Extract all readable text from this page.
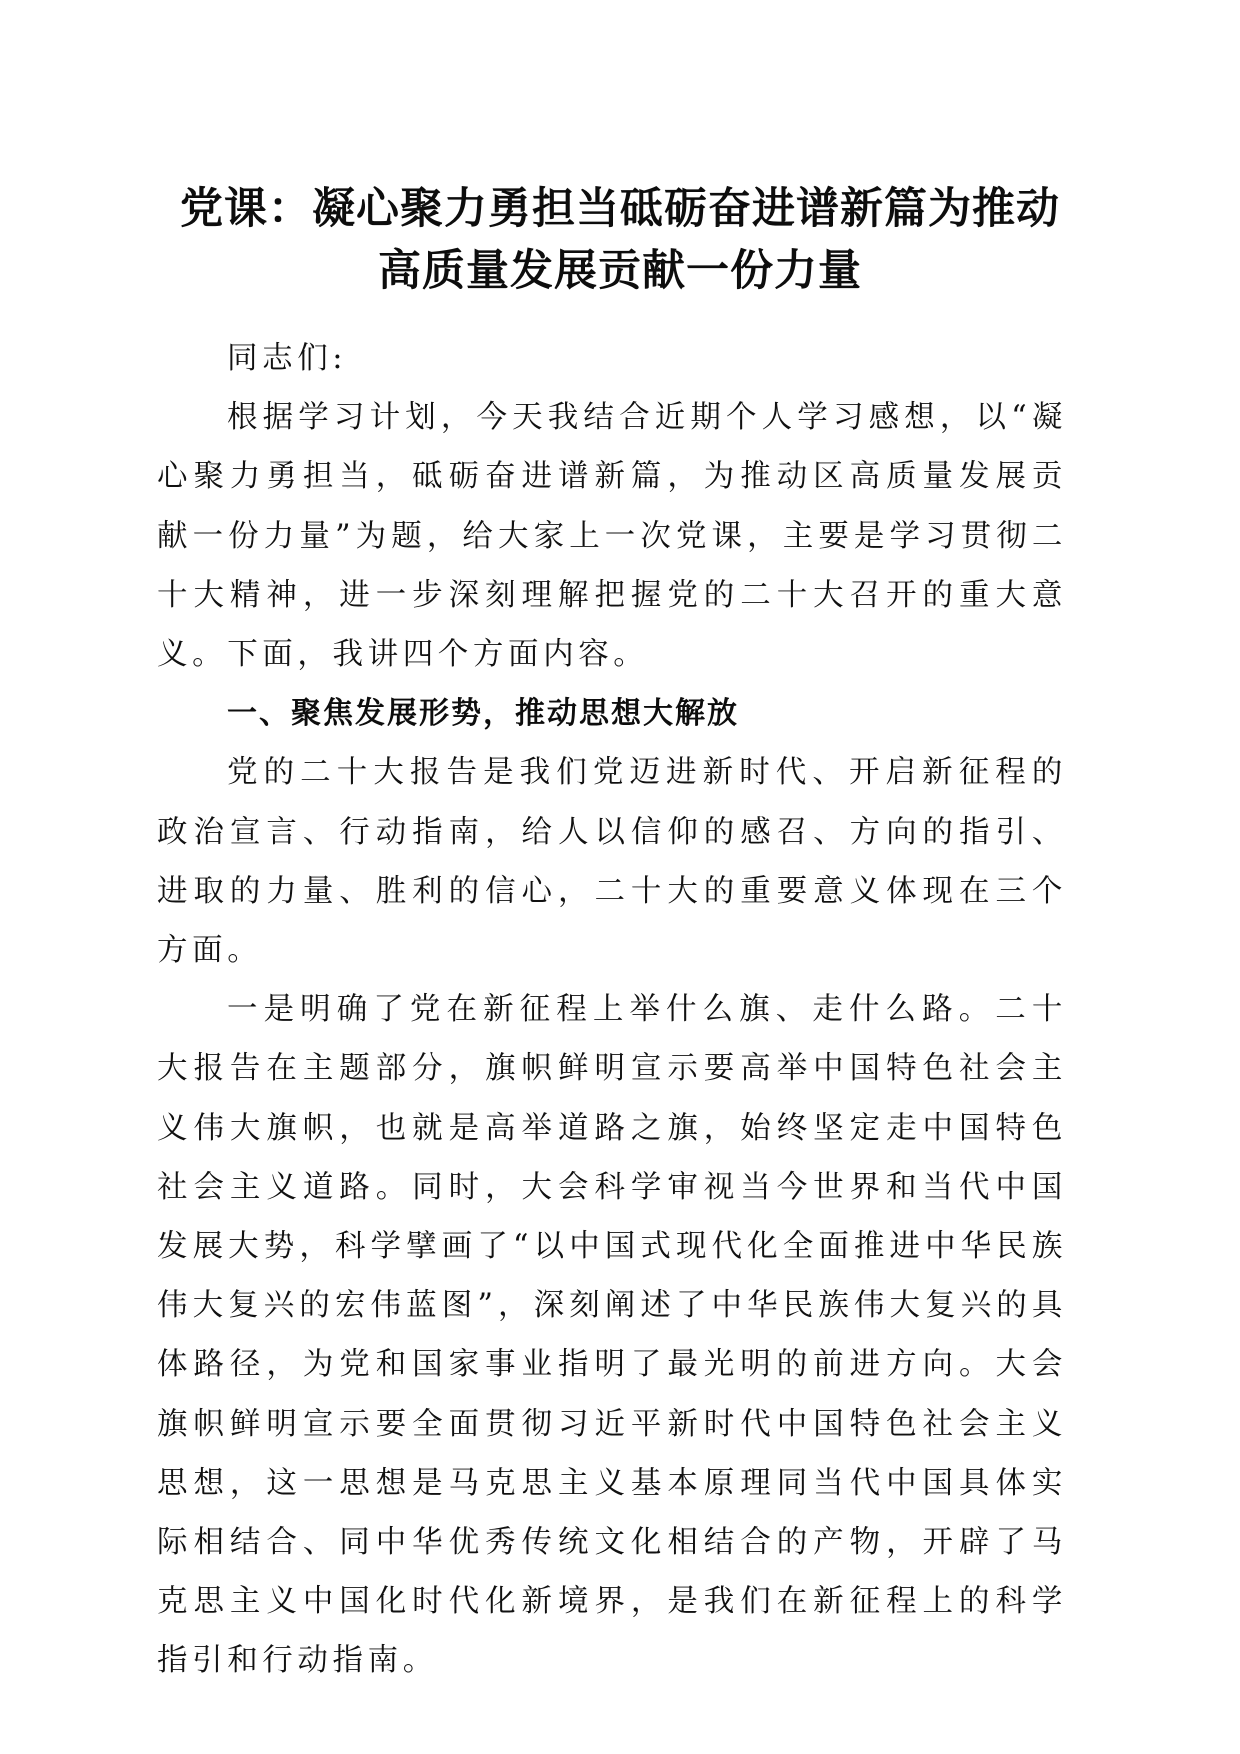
党课：凝心聚力勇担当砥砺奋进谱新篇为推动
高质量发展贡献一份力量

同志们:

根据学习计划，今天我结合近期个人学习感想，以“凝心聚力勇担当，砥砺奋进谱新篇，为推动区高质量发展贡献一份力量”为题，给大家上一次党课，主要是学习贯彻二十大精神，进一步深刻理解把握党的二十大召开的重大意义。下面，我讲四个方面内容。

一、聚焦发展形势，推动思想大解放

党的二十大报告是我们党迈进新时代、开启新征程的政治宣言、行动指南，给人以信仰的感召、方向的指引、进取的力量、胜利的信心，二十大的重要意义体现在三个方面。

一是明确了党在新征程上举什么旗、走什么路。二十大报告在主题部分，旗帜鲜明宣示要高举中国特色社会主义伟大旗帜，也就是高举道路之旗，始终坚定走中国特色社会主义道路。同时，大会科学审视当今世界和当代中国发展大势，科学擘画了“以中国式现代化全面推进中华民族伟大复兴的宏伟蓝图”，深刻阐述了中华民族伟大复兴的具体路径，为党和国家事业指明了最光明的前进方向。大会旗帜鲜明宣示要全面贯彻习近平新时代中国特色社会主义思想，这一思想是马克思主义基本原理同当代中国具体实际相结合、同中华优秀传统文化相结合的产物，开辟了马克思主义中国化时代化新境界，是我们在新征程上的科学指引和行动指南。
